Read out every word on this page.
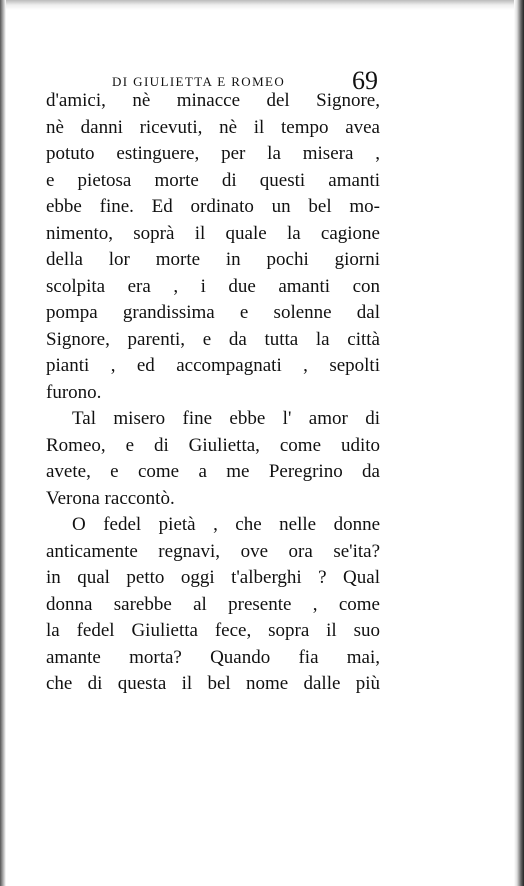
DI GIULIETTA E ROMEO	69
d'amici, nè minacce del Signore,
nè danni ricevuti, nè il tempo avea
potuto estinguere, per la misera ,
e pietosa morte di questi amanti
ebbe fine. Ed ordinato un bel mo-
nimento, soprà il quale la cagione
della lor morte in pochi giorni
scolpita era , i due amanti con
pompa grandissima e solenne dal
Signore, parenti, e da tutta la città
pianti , ed accompagnati , sepolti
furono.
Tal misero fine ebbe l' amor di
Romeo, e di Giulietta, come udito
avete, e come a me Peregrino da
Verona raccontò.
O fedel pietà , che nelle donne
anticamente regnavi, ove ora se'ita?
in qual petto oggi t'alberghi ? Qual
donna sarebbe al presente , come
la fedel Giulietta fece, sopra il suo
amante morta? Quando fia mai,
che di questa il bel nome dalle più
